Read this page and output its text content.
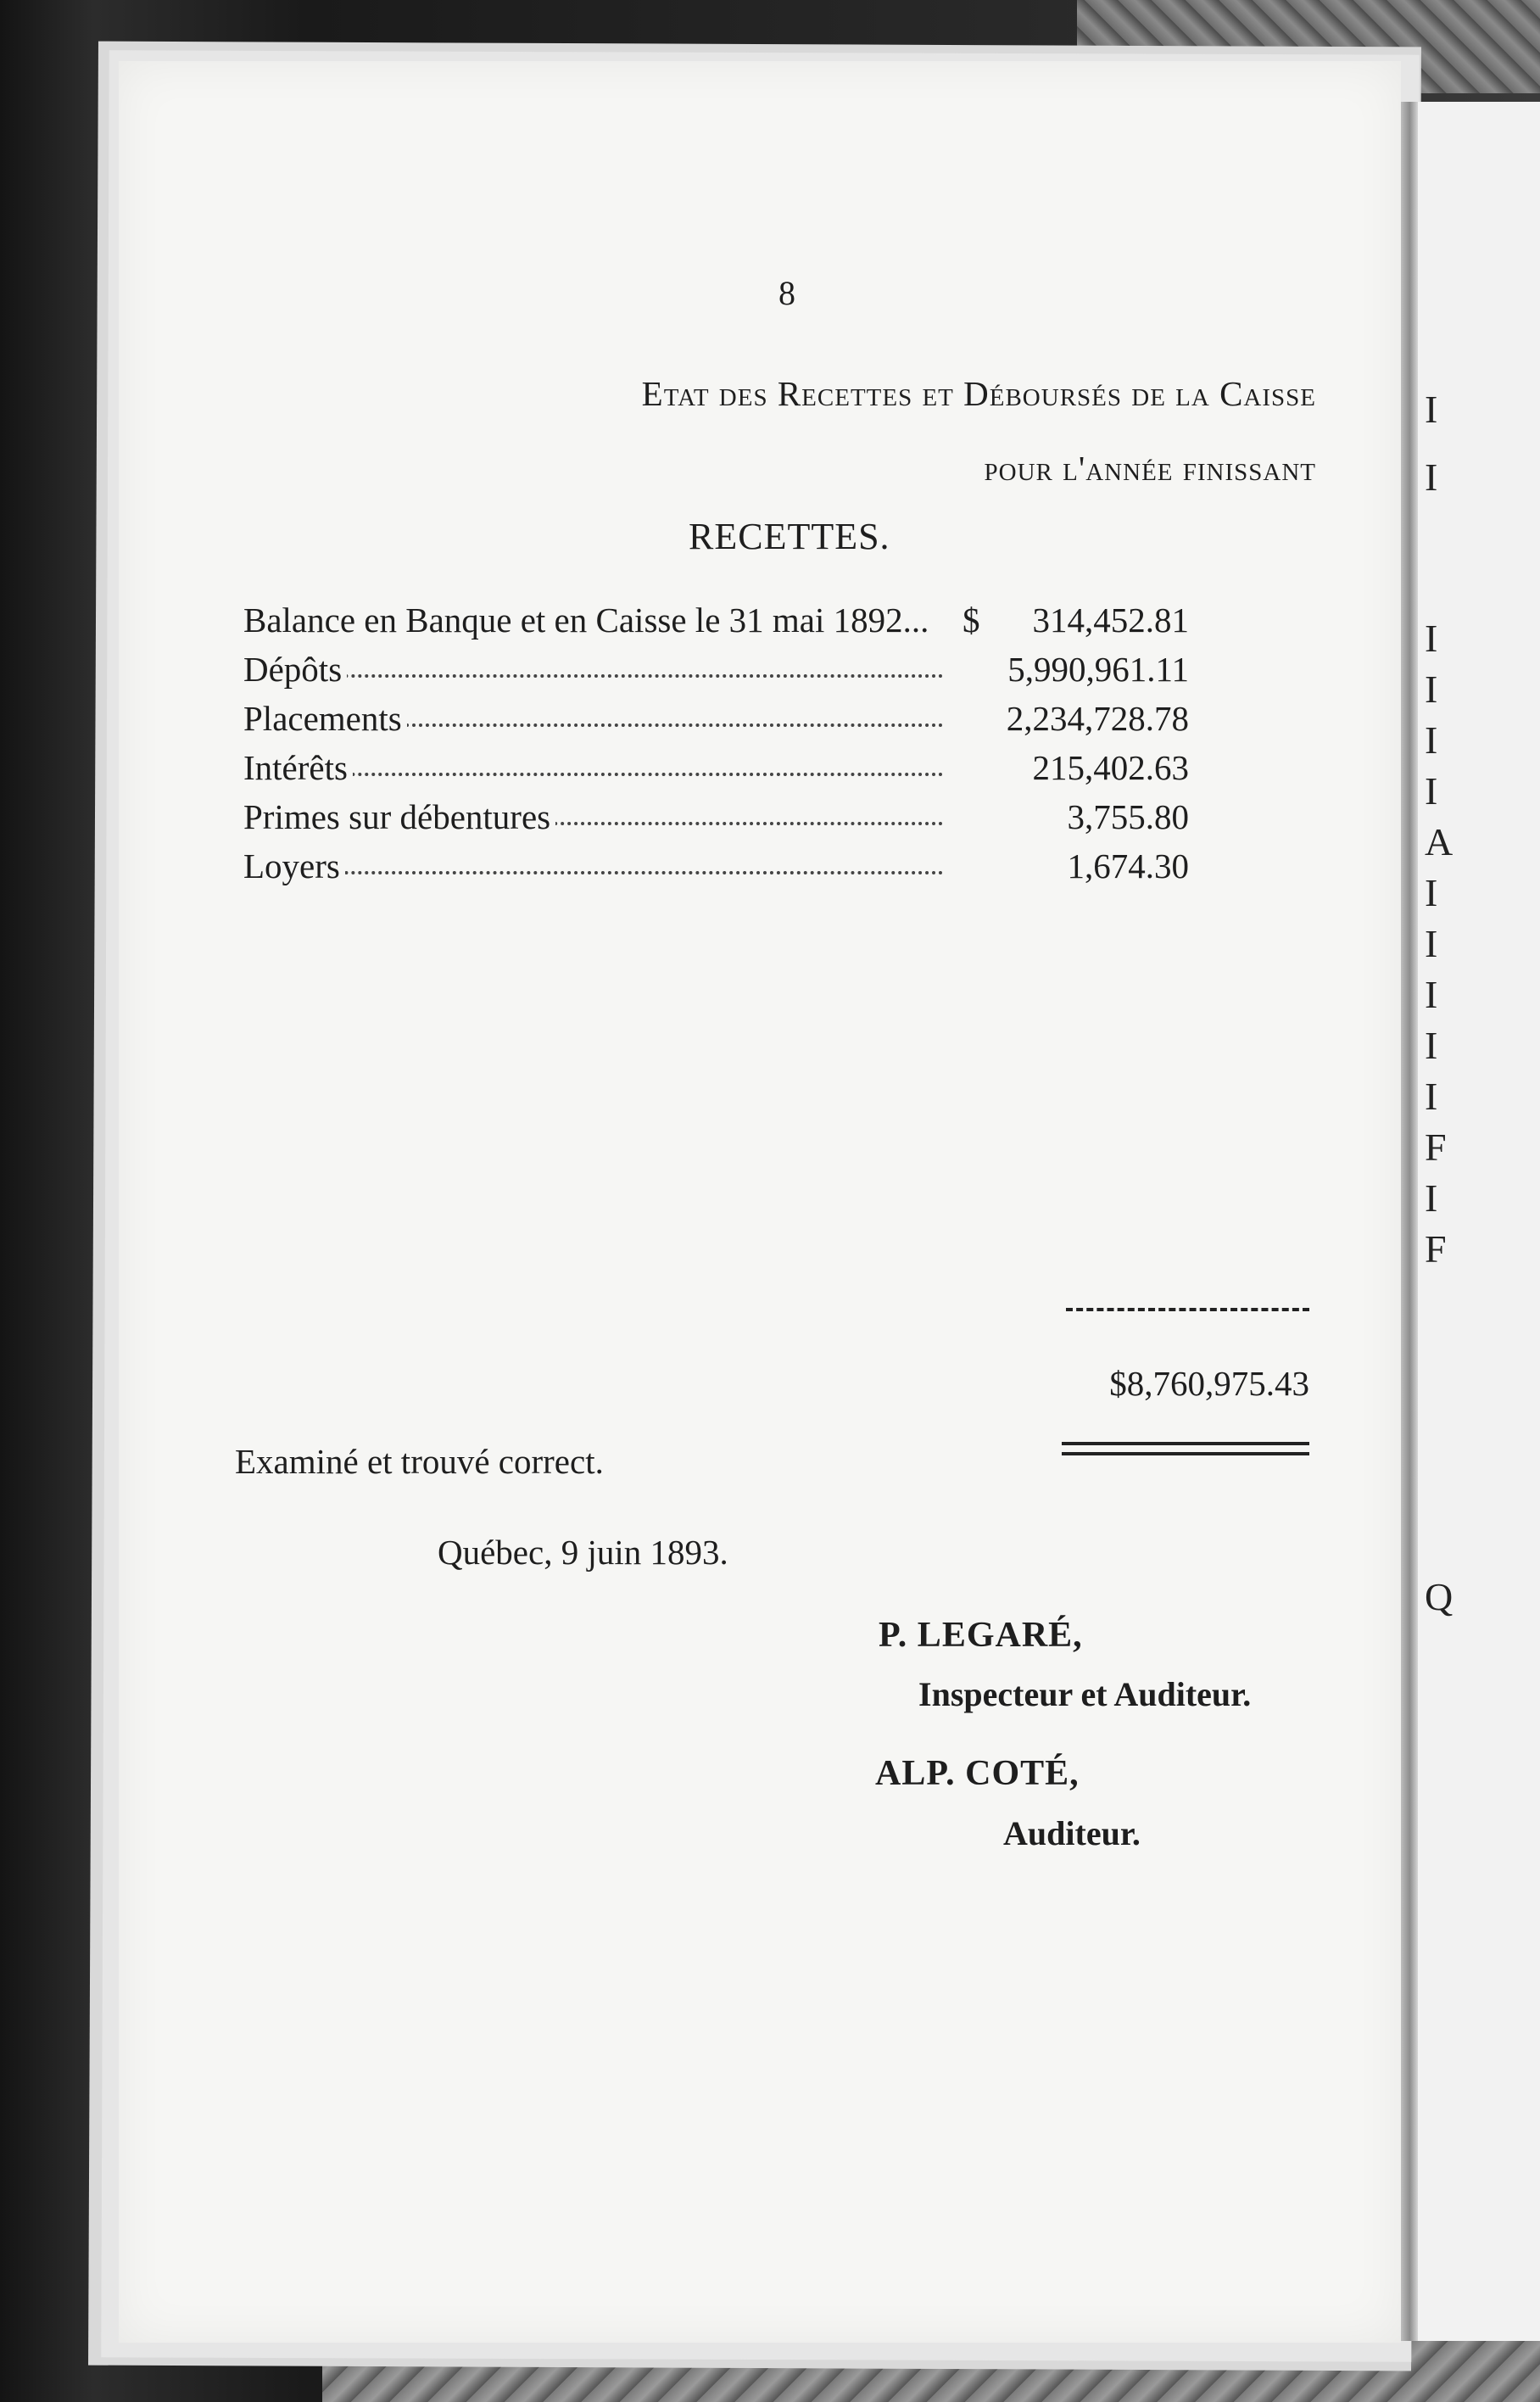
I
I
I
I
I
I
A
I
I
I
I
I
F
I
F
Q
8
Etat des Recettes et Déboursés de la Caisse
pour l'année finissant
RECETTES.
Balance en Banque et en Caisse le 31 mai 1892... $ 314,452.81
Dépôts	5,990,961.11
Placements	2,234,728.78
Intérêts	215,402.63
Primes sur débentures	3,755.80
Loyers	1,674.30
$8,760,975.43
Examiné et trouvé correct.
Québec, 9 juin 1893.
P. LEGARÉ,
Inspecteur et Auditeur.
ALP. COTÉ,
Auditeur.
